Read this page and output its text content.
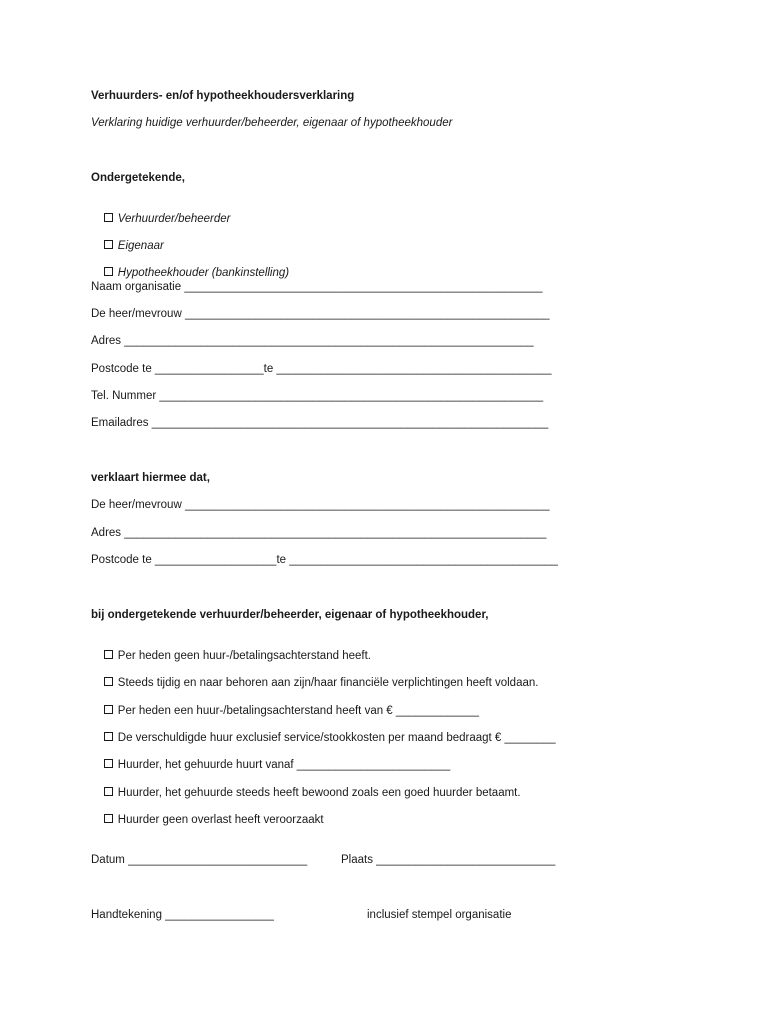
Verhuurders- en/of hypotheekhoudersverklaring
Verklaring huidige verhuurder/beheerder, eigenaar of hypotheekhouder
Ondergetekende,

Verhuurder/beheerder

Eigenaar

Hypotheekhouder (bankinstelling)

Naam organisatie ________________________________________________________
De heer/mevrouw _________________________________________________________
Adres ________________________________________________________________
Postcode te _________________te ___________________________________________
Tel. Nummer ____________________________________________________________
Emailadres ______________________________________________________________
verklaart hiermee dat,
De heer/mevrouw _________________________________________________________
Adres __________________________________________________________________
Postcode te ___________________te __________________________________________
bij ondergetekende verhuurder/beheerder, eigenaar of hypotheekhouder,

Per heden geen huur-/betalingsachterstand heeft.

Steeds tijdig en naar behoren aan zijn/haar financiële verplichtingen heeft voldaan.

Per heden een huur-/betalingsachterstand heeft van € _____________

De verschuldigde huur exclusief service/stookkosten per maand bedraagt € ________

Huurder, het gehuurde huurt vanaf ________________________

Huurder, het gehuurde steeds heeft bewoond zoals een goed huurder betaamt.

Huurder geen overlast heeft veroorzaakt

Datum ____________________________	Plaats ____________________________
Handtekening _________________	inclusief stempel organisatie
